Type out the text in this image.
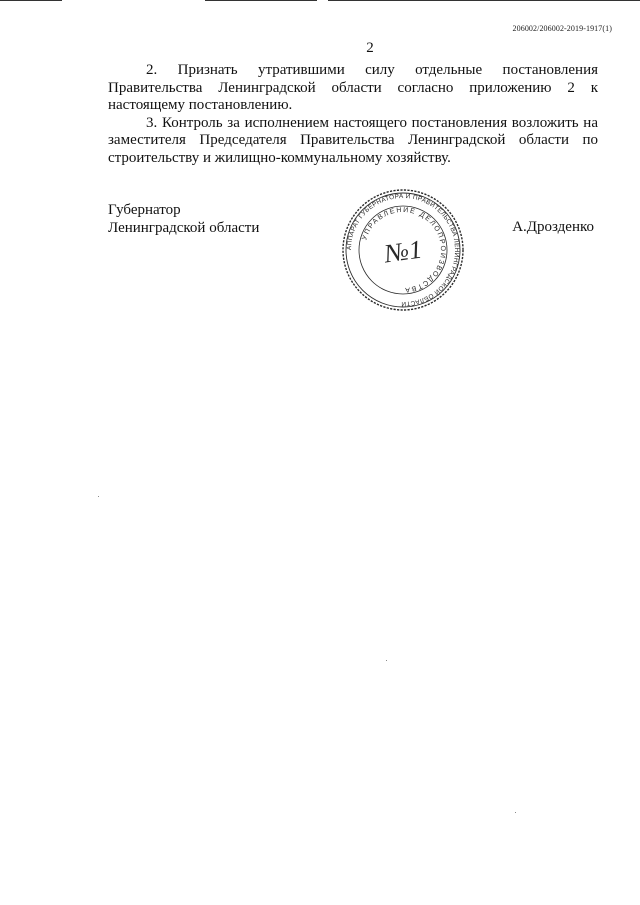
206002/206002-2019-1917(1)
2

2. Признать утратившими силу отдельные постановления Правительства Ленинградской области согласно приложению 2 к настоящему постановлению.

3. Контроль за исполнением настоящего постановления возложить на заместителя Председателя Правительства Ленинградской области по строительству и жилищно-коммунальному хозяйству.

Губернатор
Ленинградской области
АППАРАТ ГУБЕРНАТОРА И ПРАВИТЕЛЬСТВА ЛЕНИНГРАДСКОЙ ОБЛАСТИ
УПРАВЛЕНИЕ ДЕЛОПРОИЗВОДСТВА
№1
А.Дрозденко
